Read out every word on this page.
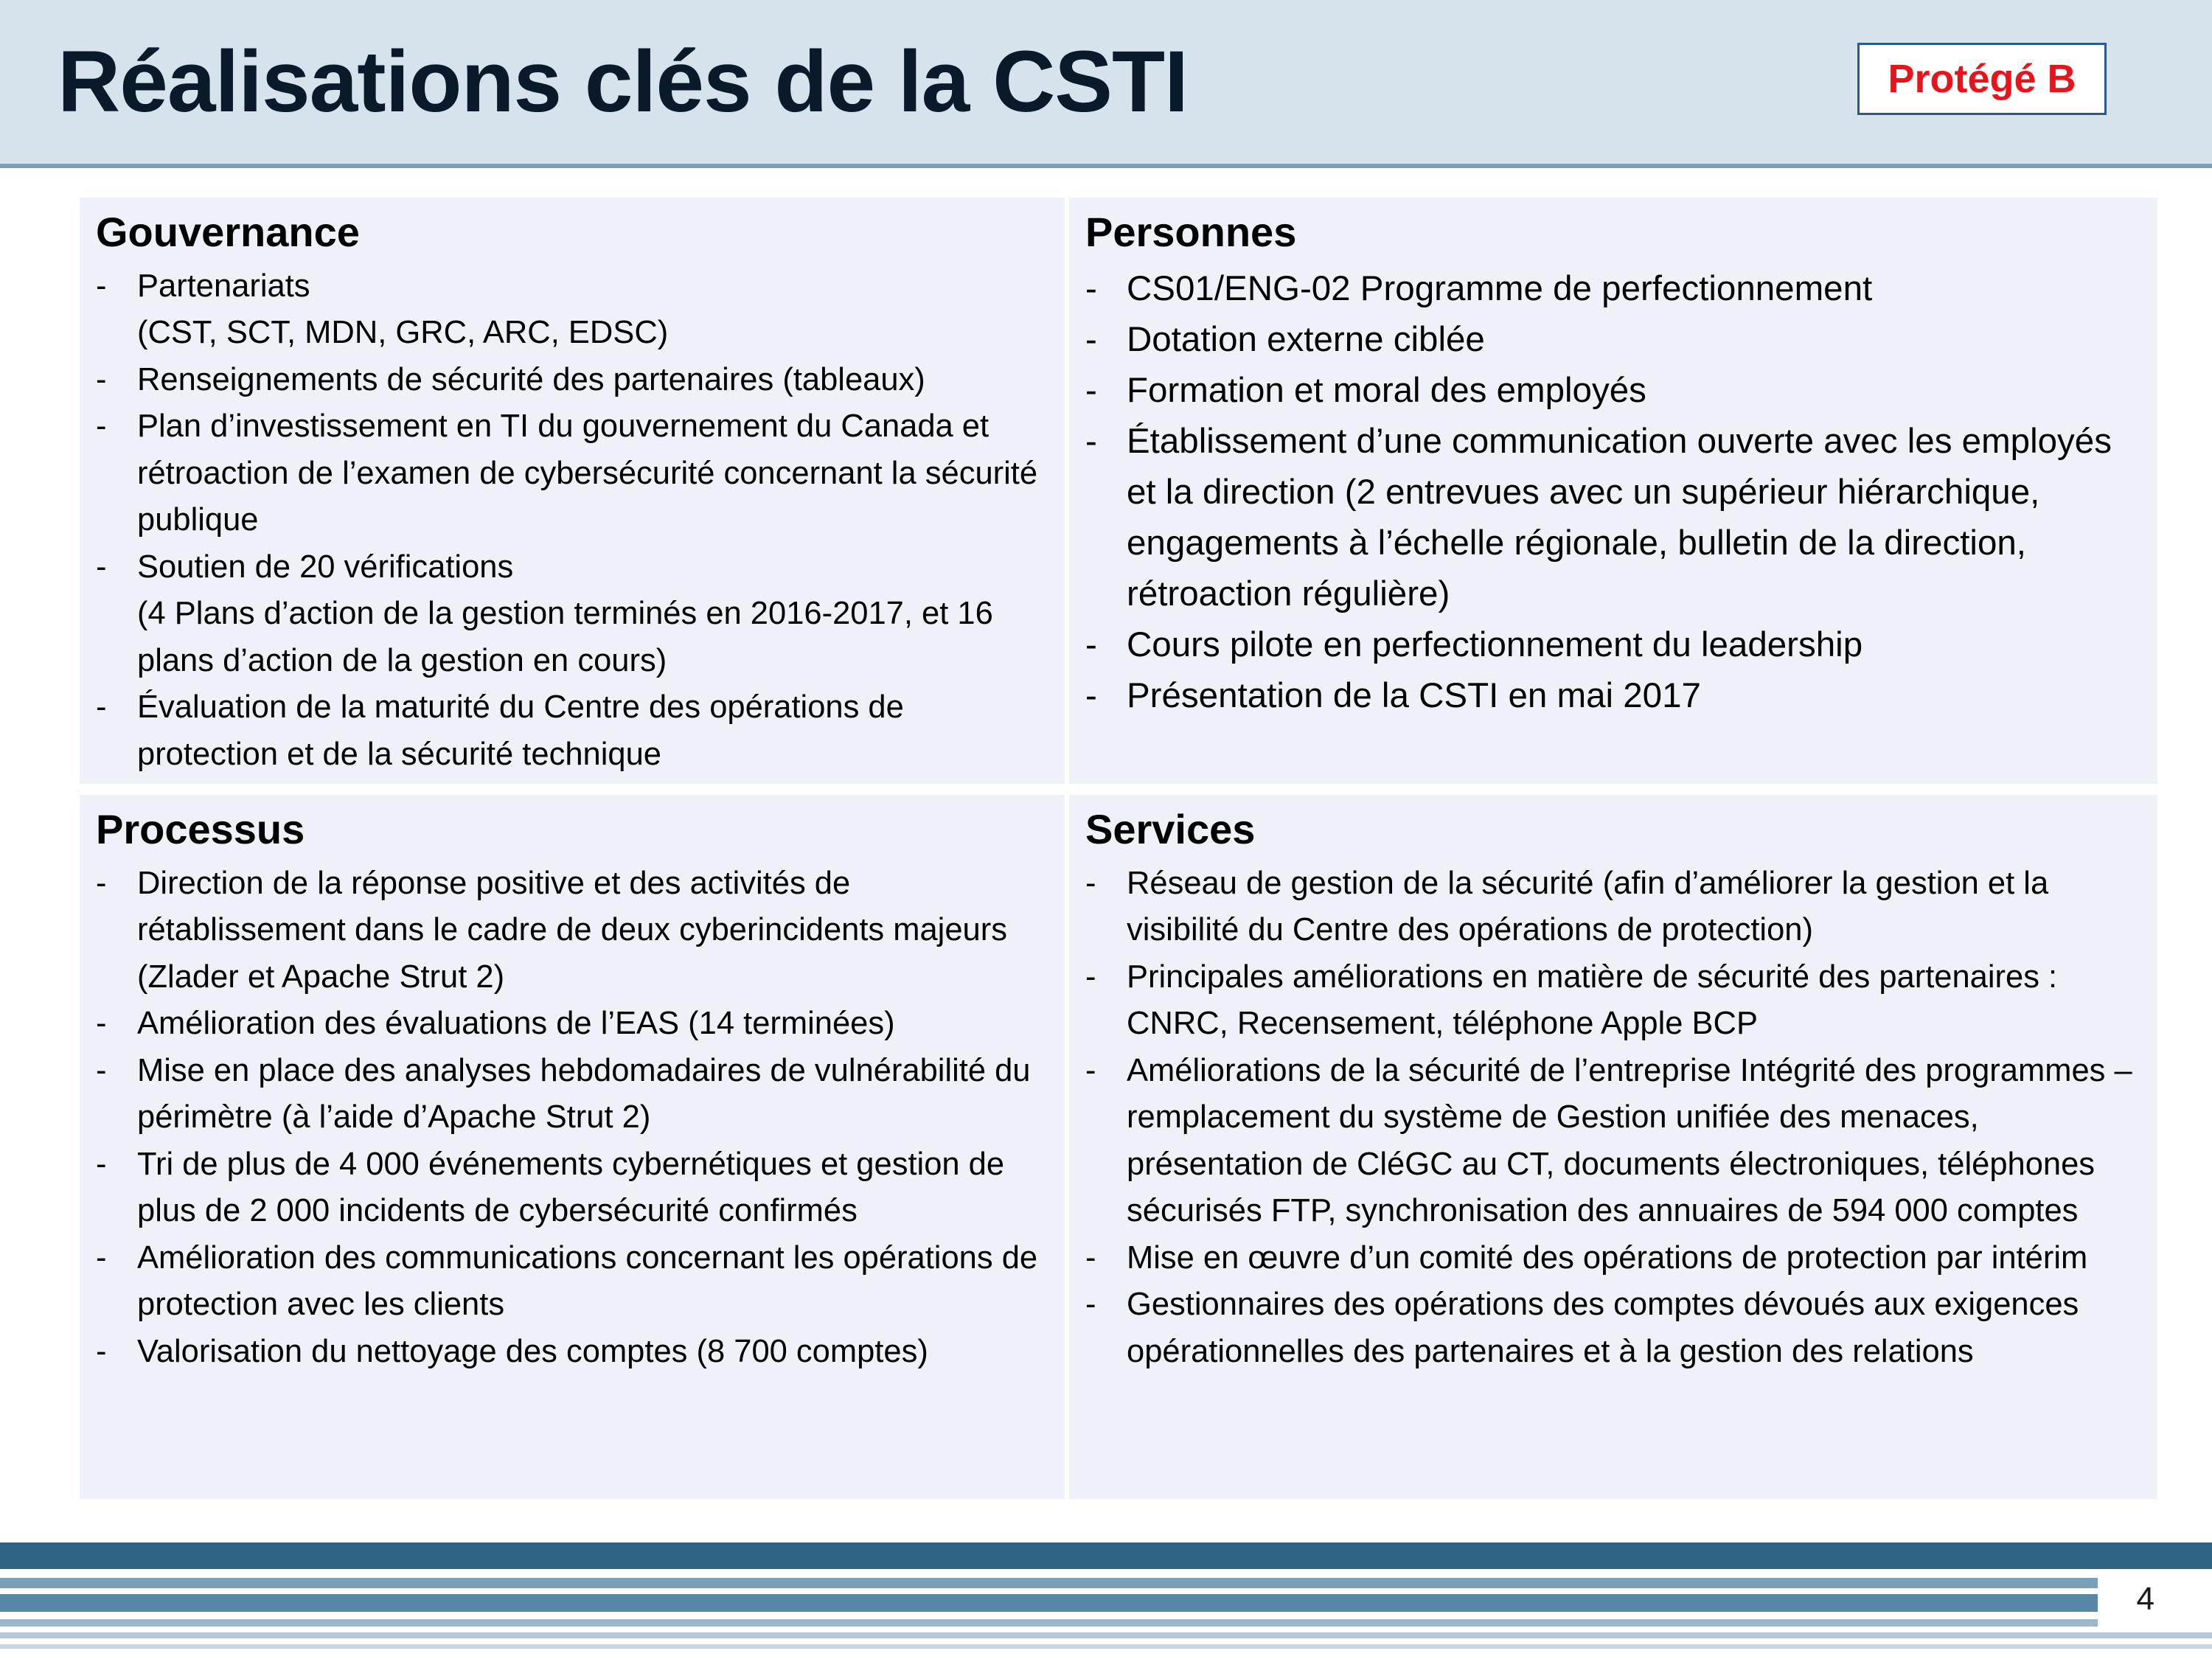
Réalisations clés de la CSTI	Protégé B
Gouvernance
- Partenariats
(CST, SCT, MDN, GRC, ARC, EDSC)
- Renseignements de sécurité des partenaires (tableaux)
- Plan d’investissement en TI du gouvernement du Canada et rétroaction de l’examen de cybersécurité concernant la sécurité publique
- Soutien de 20 vérifications
(4 Plans d’action de la gestion terminés en 2016-2017, et 16 plans d’action de la gestion en cours)
- Évaluation de la maturité du Centre des opérations de protection et de la sécurité technique
Personnes
- CS01/ENG-02 Programme de perfectionnement
- Dotation externe ciblée
- Formation et moral des employés
- Établissement d’une communication ouverte avec les employés et la direction (2 entrevues avec un supérieur hiérarchique, engagements à l’échelle régionale, bulletin de la direction, rétroaction régulière)
- Cours pilote en perfectionnement du leadership
- Présentation de la CSTI en mai 2017
Processus
- Direction de la réponse positive et des activités de rétablissement dans le cadre de deux cyberincidents majeurs
(Zlader et Apache Strut 2)
- Amélioration des évaluations de l’EAS (14 terminées)
- Mise en place des analyses hebdomadaires de vulnérabilité du périmètre (à l’aide d’Apache Strut 2)
- Tri de plus de 4 000 événements cybernétiques et gestion de plus de 2 000 incidents de cybersécurité confirmés
- Amélioration des communications concernant les opérations de protection avec les clients
- Valorisation du nettoyage des comptes (8 700 comptes)
Services
- Réseau de gestion de la sécurité (afin d’améliorer la gestion et la visibilité du Centre des opérations de protection)
- Principales améliorations en matière de sécurité des partenaires : CNRC, Recensement, téléphone Apple BCP
- Améliorations de la sécurité de l’entreprise Intégrité des programmes – remplacement du système de Gestion unifiée des menaces, présentation de CléGC au CT, documents électroniques, téléphones sécurisés FTP, synchronisation des annuaires de 594 000 comptes
- Mise en œuvre d’un comité des opérations de protection par intérim
- Gestionnaires des opérations des comptes dévoués aux exigences opérationnelles des partenaires et à la gestion des relations
4
